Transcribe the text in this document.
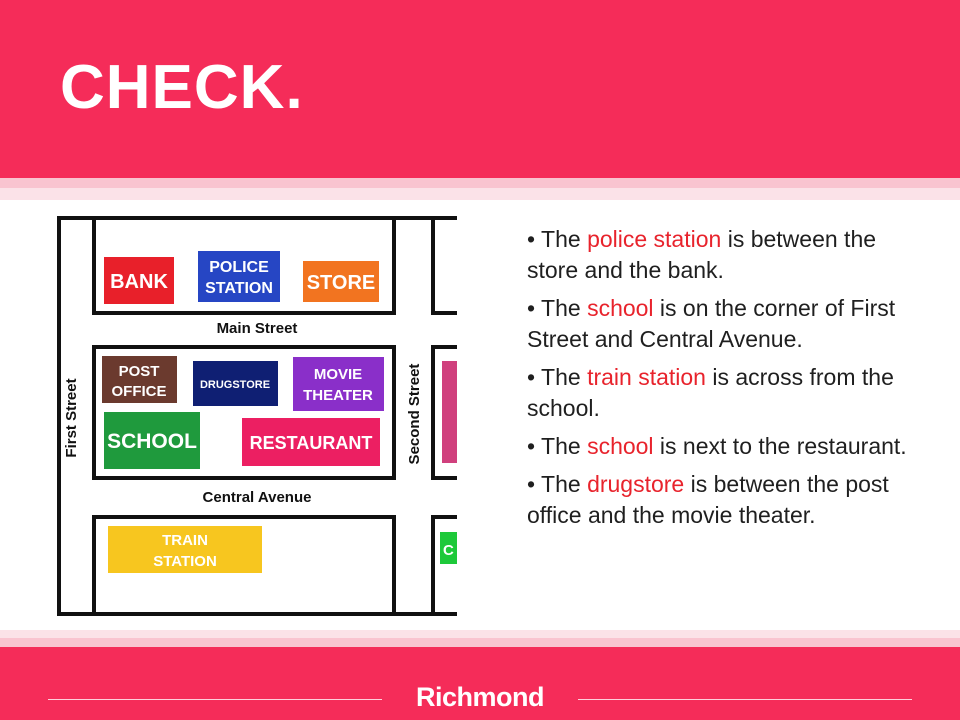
CHECK.
BANK
POLICE
STATION STORE
Main Street
POST
OFFICE	DRUGSTORE
MOVIE
THEATER
SCHOOL	RESTAURANT
First Street	Second Street
Central Avenue
TRAIN
STATION
C
• The police station is between the store and the bank.
• The school is on the corner of First Street and Central Avenue.
• The train station is across from the school.
• The school is next to the restaurant.
• The drugstore is between the post office and the movie theater.
Richmond
